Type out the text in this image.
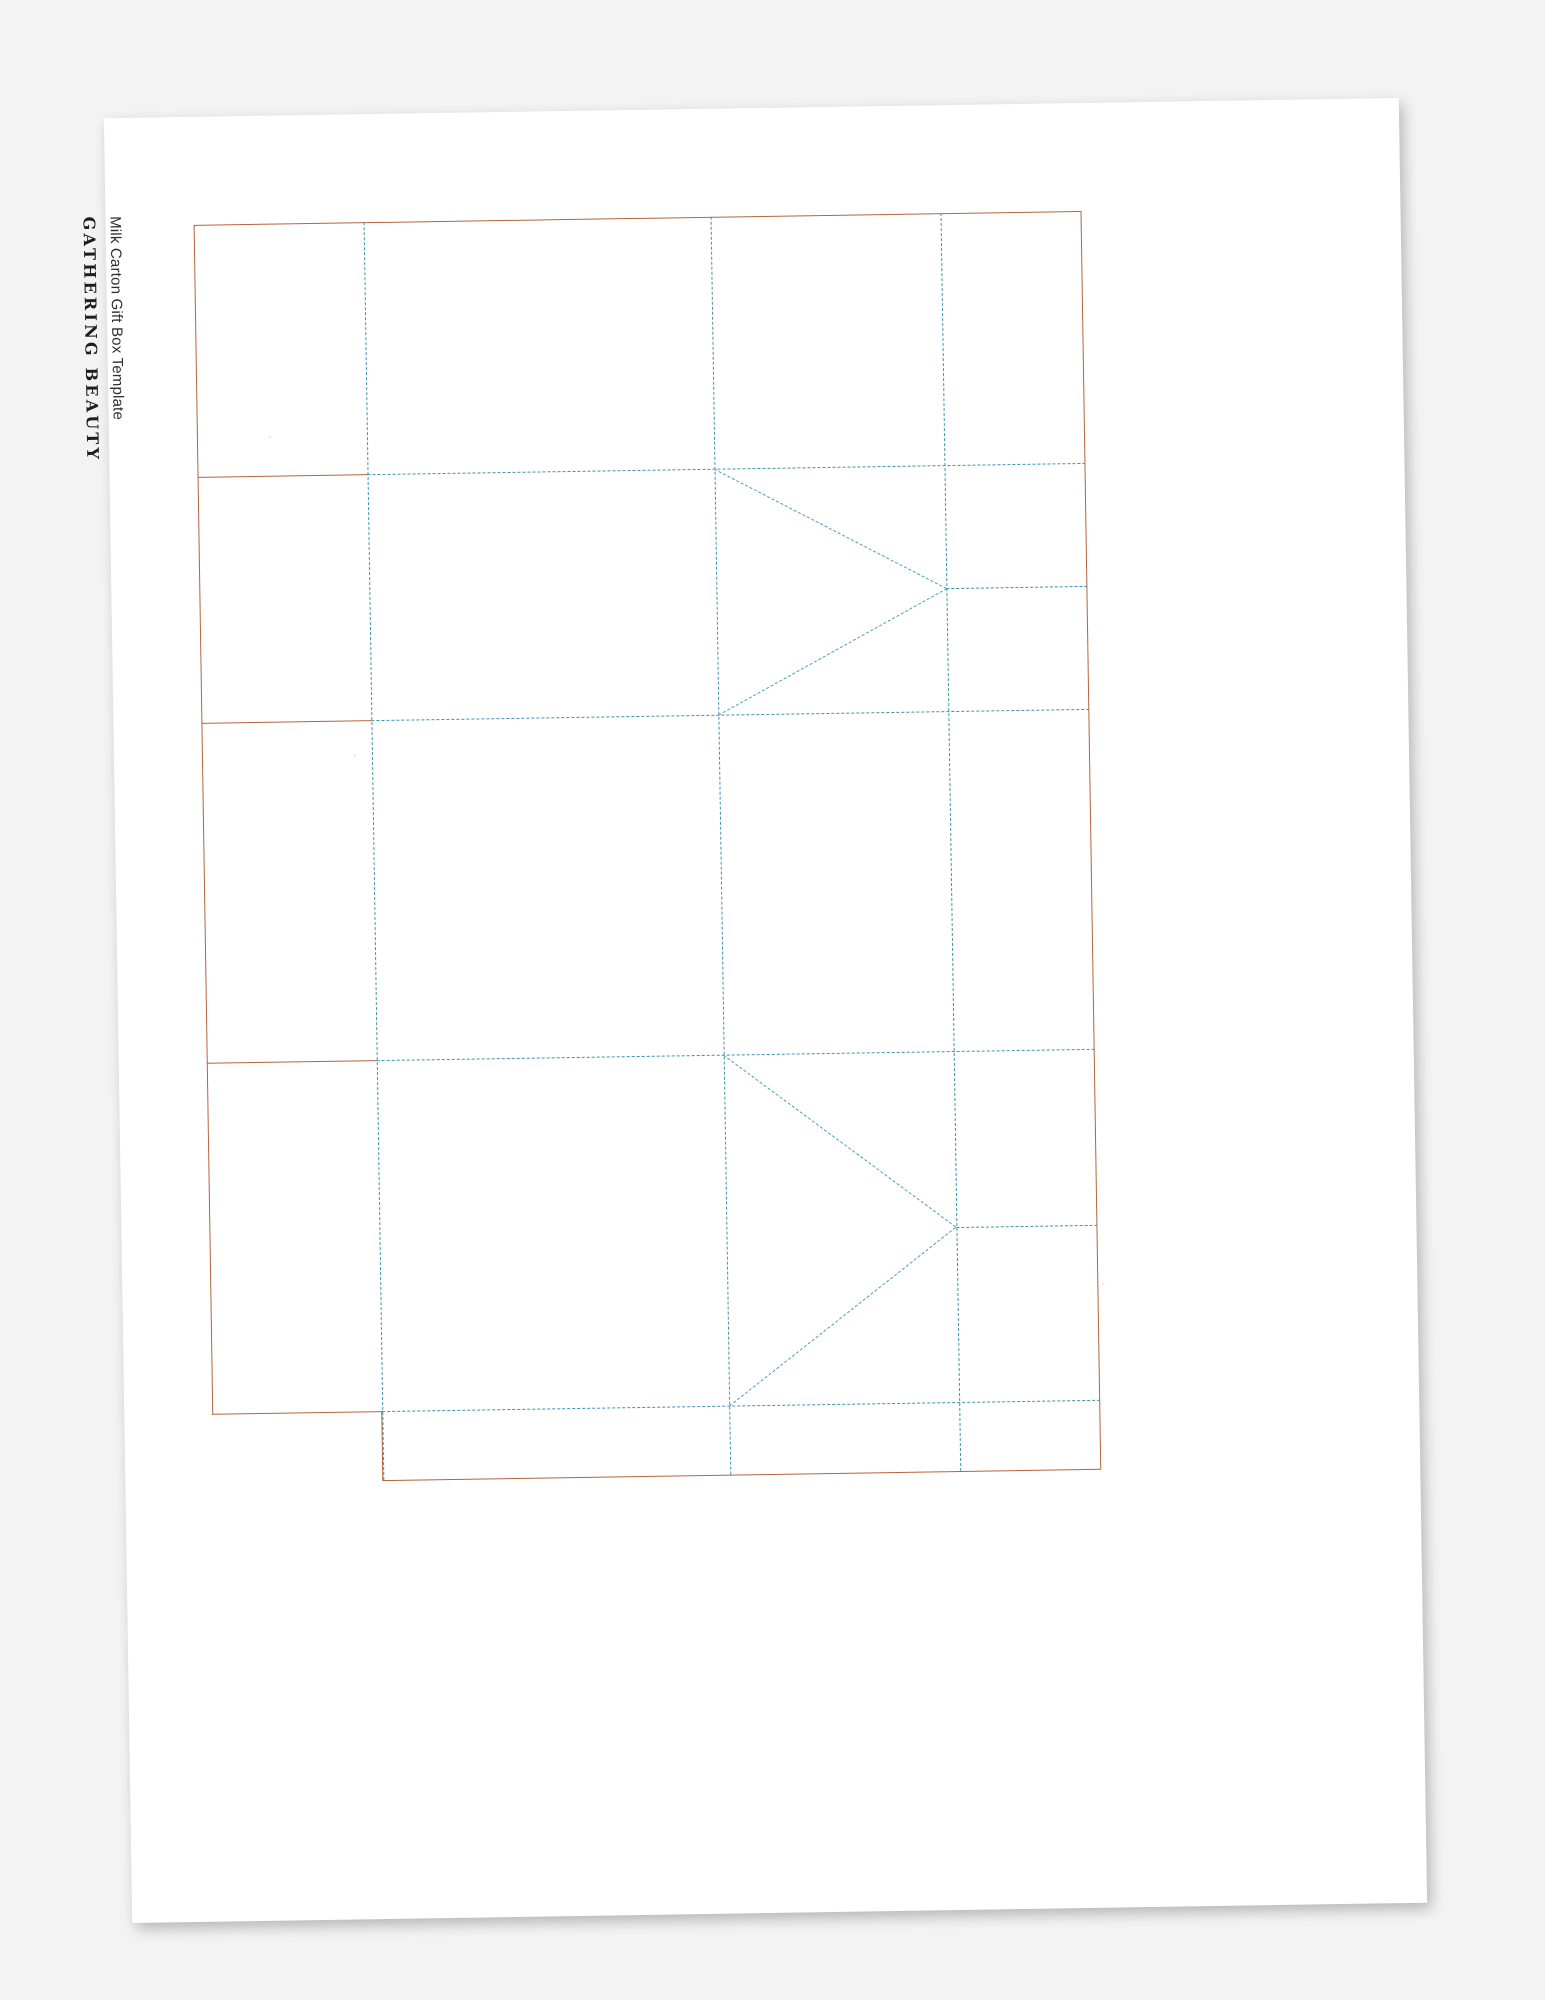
Milk Carton Gift Box Template
GATHERING BEAUTY
